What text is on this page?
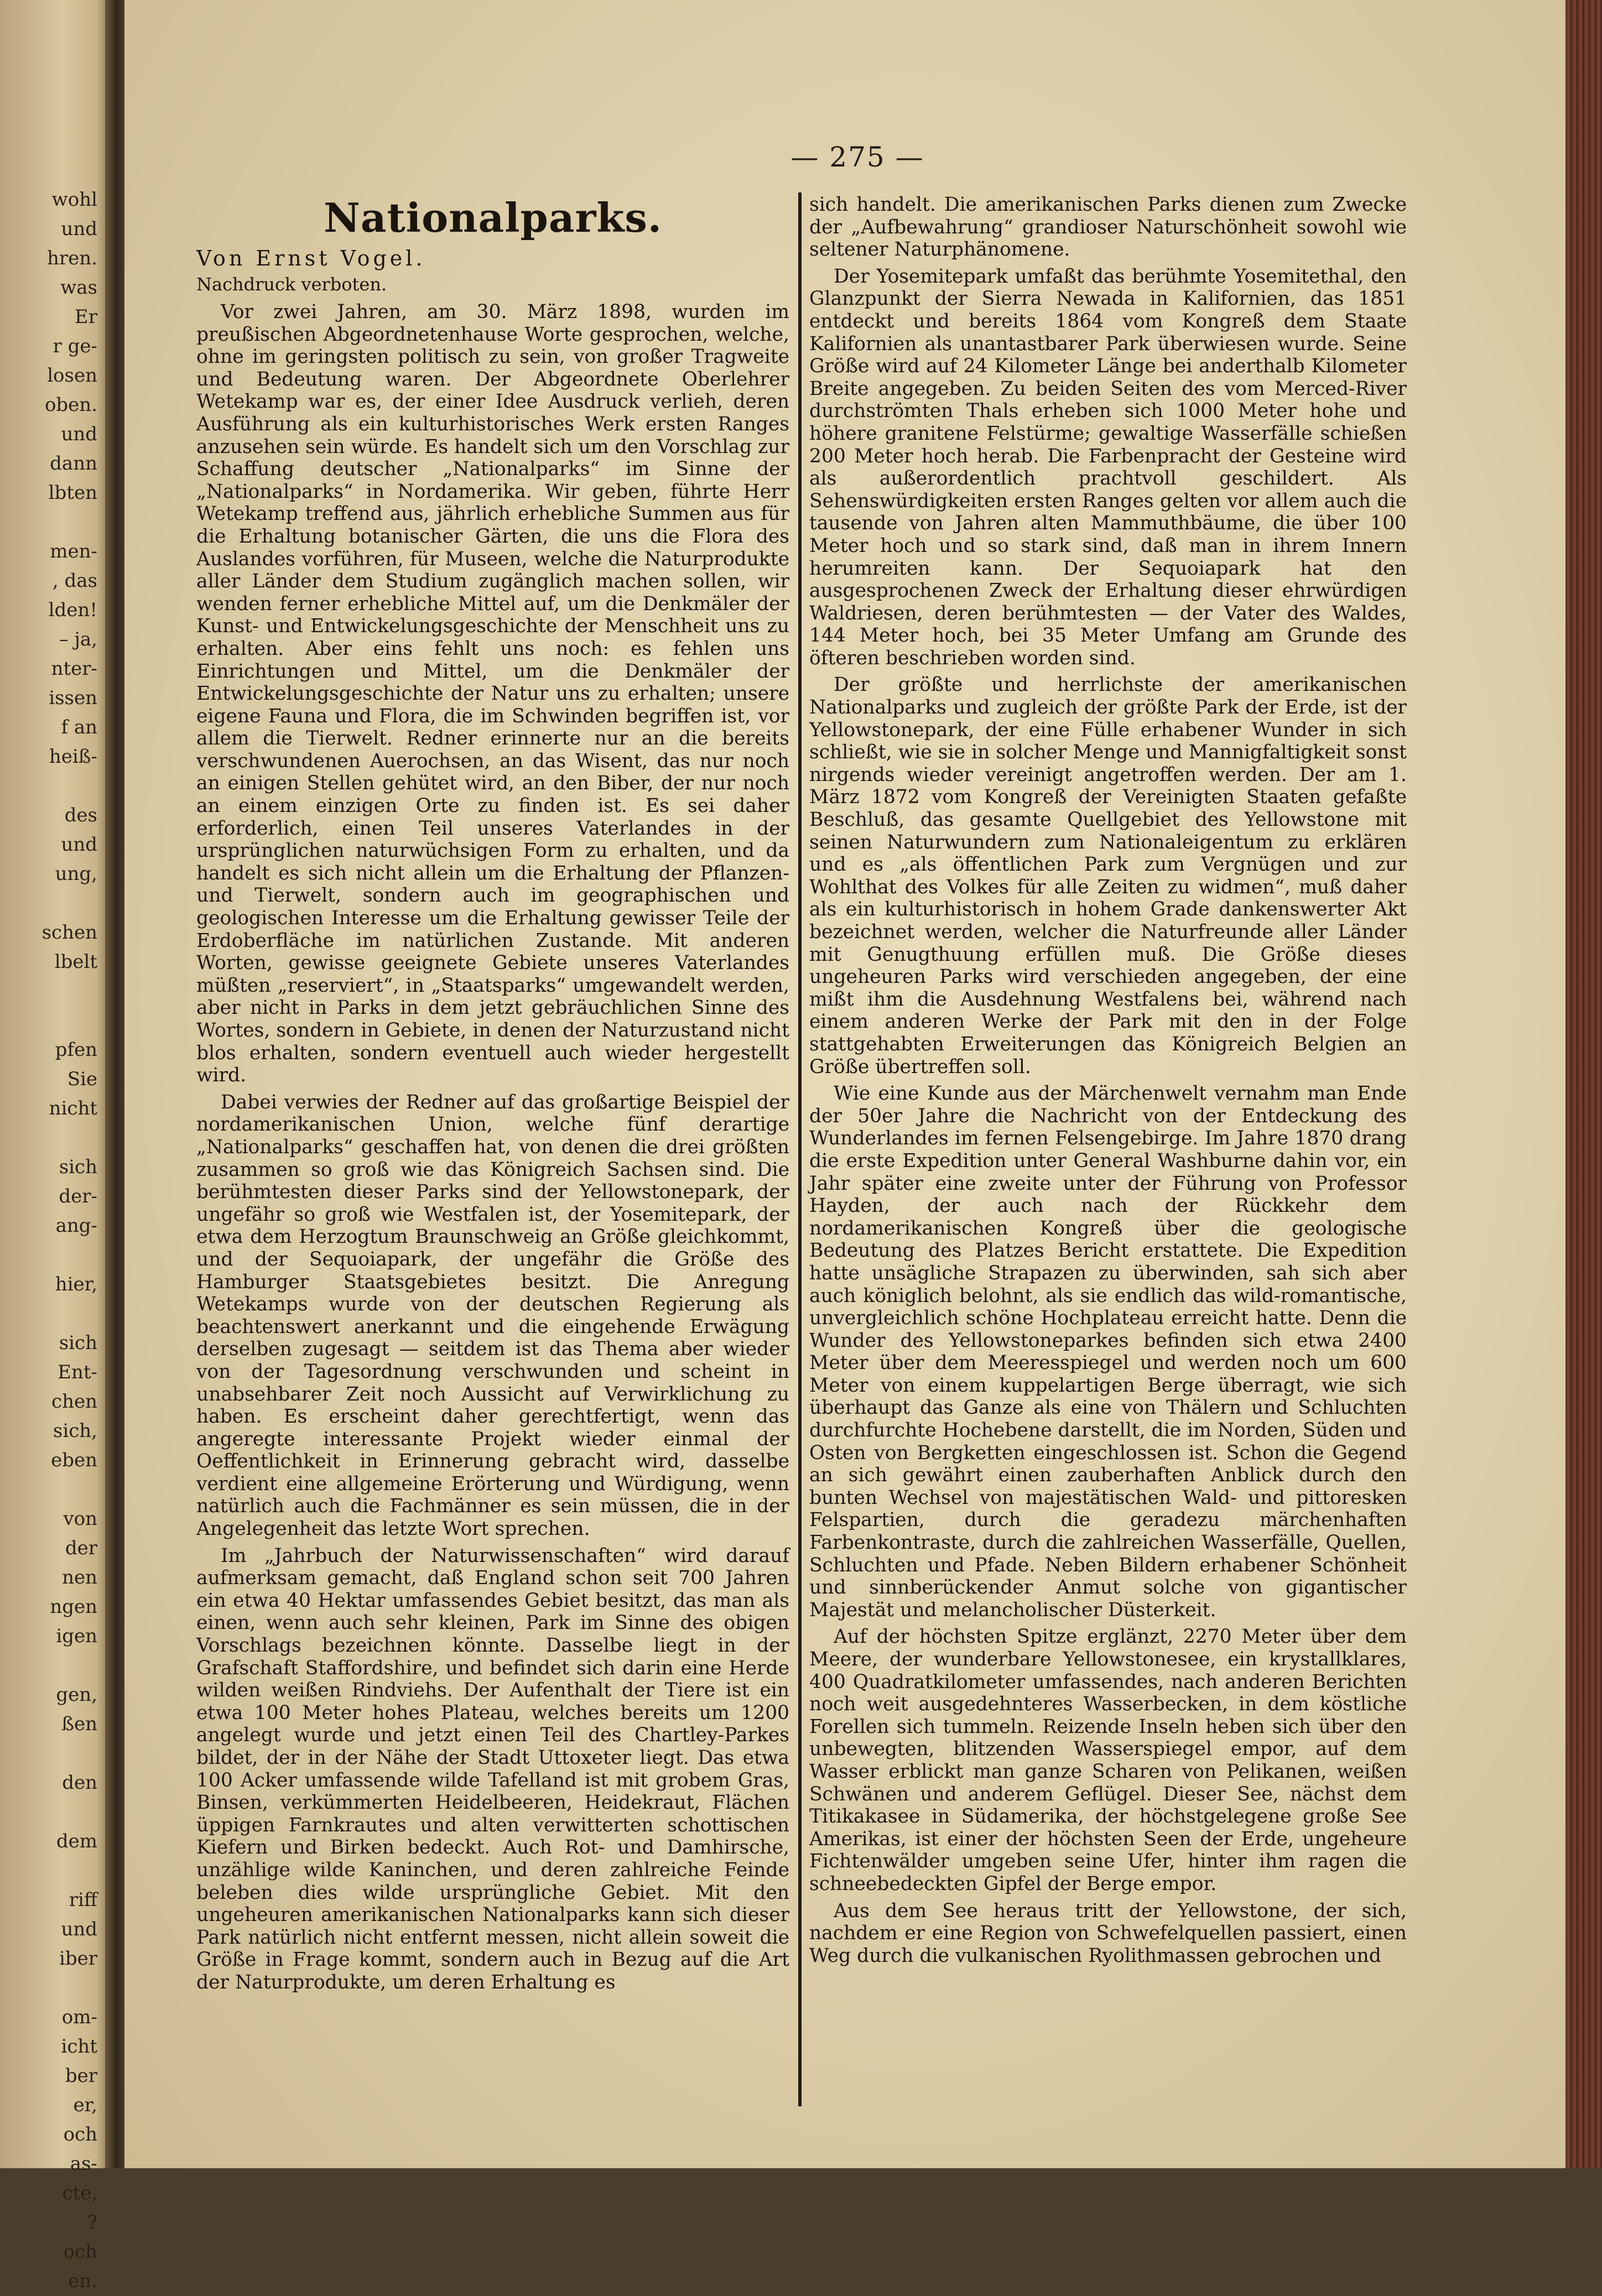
wohl
und
hren.
was
Er
r ge-
losen
oben.
und
dann
lbten
men-
, das
lden!
– ja,
nter-
issen
f an
heiß-
des
und
ung,
schen
lbelt
pfen
Sie
nicht
sich
der-
ang-
hier,
sich
Ent-
chen
sich,
eben
von
der
nen
ngen
igen
gen,
ßen
den
dem
riff
und
iber
om-
icht
ber
er,
och
as-
cte,
?
och
en.
— 275 —
Nationalparks.

Von Ernst Vogel.

Nachdruck verboten.

Vor zwei Jahren, am 30. März 1898, wurden im preußischen Abgeordnetenhause Worte gesprochen, welche, ohne im geringsten politisch zu sein, von großer Tragweite und Bedeutung waren. Der Abgeordnete Oberlehrer Wetekamp war es, der einer Idee Ausdruck verlieh, deren Ausführung als ein kulturhistorisches Werk ersten Ranges anzusehen sein würde. Es handelt sich um den Vorschlag zur Schaffung deutscher „Nationalparks“ im Sinne der „Nationalparks“ in Nordamerika. Wir geben, führte Herr Wetekamp treffend aus, jährlich erhebliche Summen aus für die Erhaltung botanischer Gärten, die uns die Flora des Auslandes vorführen, für Museen, welche die Naturprodukte aller Länder dem Studium zugänglich machen sollen, wir wenden ferner erhebliche Mittel auf, um die Denkmäler der Kunst- und Entwickelungsgeschichte der Menschheit uns zu erhalten. Aber eins fehlt uns noch: es fehlen uns Einrichtungen und Mittel, um die Denkmäler der Entwickelungsgeschichte der Natur uns zu erhalten; unsere eigene Fauna und Flora, die im Schwinden begriffen ist, vor allem die Tierwelt. Redner erinnerte nur an die bereits verschwundenen Auerochsen, an das Wisent, das nur noch an einigen Stellen gehütet wird, an den Biber, der nur noch an einem einzigen Orte zu finden ist. Es sei daher erforderlich, einen Teil unseres Vaterlandes in der ursprünglichen naturwüchsigen Form zu erhalten, und da handelt es sich nicht allein um die Erhaltung der Pflanzen- und Tierwelt, sondern auch im geographischen und geologischen Interesse um die Erhaltung gewisser Teile der Erdoberfläche im natürlichen Zustande. Mit anderen Worten, gewisse geeignete Gebiete unseres Vaterlandes müßten „reserviert“, in „Staatsparks“ umgewandelt werden, aber nicht in Parks in dem jetzt gebräuchlichen Sinne des Wortes, sondern in Gebiete, in denen der Naturzustand nicht blos erhalten, sondern eventuell auch wieder hergestellt wird.

Dabei verwies der Redner auf das großartige Beispiel der nordamerikanischen Union, welche fünf derartige „Nationalparks“ geschaffen hat, von denen die drei größten zusammen so groß wie das Königreich Sachsen sind. Die berühmtesten dieser Parks sind der Yellowstonepark, der ungefähr so groß wie Westfalen ist, der Yosemitepark, der etwa dem Herzogtum Braunschweig an Größe gleichkommt, und der Sequoiapark, der ungefähr die Größe des Hamburger Staatsgebietes besitzt. Die Anregung Wetekamps wurde von der deutschen Regierung als beachtenswert anerkannt und die eingehende Erwägung derselben zugesagt — seitdem ist das Thema aber wieder von der Tagesordnung verschwunden und scheint in unabsehbarer Zeit noch Aussicht auf Verwirklichung zu haben. Es erscheint daher gerechtfertigt, wenn das angeregte interessante Projekt wieder einmal der Oeffentlichkeit in Erinnerung gebracht wird, dasselbe verdient eine allgemeine Erörterung und Würdigung, wenn natürlich auch die Fachmänner es sein müssen, die in der Angelegenheit das letzte Wort sprechen.

Im „Jahrbuch der Naturwissenschaften“ wird darauf aufmerksam gemacht, daß England schon seit 700 Jahren ein etwa 40 Hektar umfassendes Gebiet besitzt, das man als einen, wenn auch sehr kleinen, Park im Sinne des obigen Vorschlags bezeichnen könnte. Dasselbe liegt in der Grafschaft Staffordshire, und befindet sich darin eine Herde wilden weißen Rindviehs. Der Aufenthalt der Tiere ist ein etwa 100 Meter hohes Plateau, welches bereits um 1200 angelegt wurde und jetzt einen Teil des Chartley-Parkes bildet, der in der Nähe der Stadt Uttoxeter liegt. Das etwa 100 Acker umfassende wilde Tafelland ist mit grobem Gras, Binsen, verkümmerten Heidelbeeren, Heidekraut, Flächen üppigen Farnkrautes und alten verwitterten schottischen Kiefern und Birken bedeckt. Auch Rot- und Damhirsche, unzählige wilde Kaninchen, und deren zahlreiche Feinde beleben dies wilde ursprüngliche Gebiet. Mit den ungeheuren amerikanischen Nationalparks kann sich dieser Park natürlich nicht entfernt messen, nicht allein soweit die Größe in Frage kommt, sondern auch in Bezug auf die Art der Naturprodukte, um deren Erhaltung es

sich handelt. Die amerikanischen Parks dienen zum Zwecke der „Aufbewahrung“ grandioser Naturschönheit sowohl wie seltener Naturphänomene.

Der Yosemitepark umfaßt das berühmte Yosemitethal, den Glanzpunkt der Sierra Newada in Kalifornien, das 1851 entdeckt und bereits 1864 vom Kongreß dem Staate Kalifornien als unantastbarer Park überwiesen wurde. Seine Größe wird auf 24 Kilometer Länge bei anderthalb Kilometer Breite angegeben. Zu beiden Seiten des vom Merced-River durchströmten Thals erheben sich 1000 Meter hohe und höhere granitene Felstürme; gewaltige Wasserfälle schießen 200 Meter hoch herab. Die Farbenpracht der Gesteine wird als außerordentlich prachtvoll geschildert. Als Sehenswürdigkeiten ersten Ranges gelten vor allem auch die tausende von Jahren alten Mammuthbäume, die über 100 Meter hoch und so stark sind, daß man in ihrem Innern herumreiten kann. Der Sequoiapark hat den ausgesprochenen Zweck der Erhaltung dieser ehrwürdigen Waldriesen, deren berühmtesten — der Vater des Waldes, 144 Meter hoch, bei 35 Meter Umfang am Grunde des öfteren beschrieben worden sind.

Der größte und herrlichste der amerikanischen Nationalparks und zugleich der größte Park der Erde, ist der Yellowstonepark, der eine Fülle erhabener Wunder in sich schließt, wie sie in solcher Menge und Mannigfaltigkeit sonst nirgends wieder vereinigt angetroffen werden. Der am 1. März 1872 vom Kongreß der Vereinigten Staaten gefaßte Beschluß, das gesamte Quellgebiet des Yellowstone mit seinen Naturwundern zum Nationaleigentum zu erklären und es „als öffentlichen Park zum Vergnügen und zur Wohlthat des Volkes für alle Zeiten zu widmen“, muß daher als ein kulturhistorisch in hohem Grade dankenswerter Akt bezeichnet werden, welcher die Naturfreunde aller Länder mit Genugthuung erfüllen muß. Die Größe dieses ungeheuren Parks wird verschieden angegeben, der eine mißt ihm die Ausdehnung Westfalens bei, während nach einem anderen Werke der Park mit den in der Folge stattgehabten Erweiterungen das Königreich Belgien an Größe übertreffen soll.

Wie eine Kunde aus der Märchenwelt vernahm man Ende der 50er Jahre die Nachricht von der Entdeckung des Wunderlandes im fernen Felsengebirge. Im Jahre 1870 drang die erste Expedition unter General Washburne dahin vor, ein Jahr später eine zweite unter der Führung von Professor Hayden, der auch nach der Rückkehr dem nordamerikanischen Kongreß über die geologische Bedeutung des Platzes Bericht erstattete. Die Expedition hatte unsägliche Strapazen zu überwinden, sah sich aber auch königlich belohnt, als sie endlich das wild-romantische, unvergleichlich schöne Hochplateau erreicht hatte. Denn die Wunder des Yellowstoneparkes befinden sich etwa 2400 Meter über dem Meeresspiegel und werden noch um 600 Meter von einem kuppelartigen Berge überragt, wie sich überhaupt das Ganze als eine von Thälern und Schluchten durchfurchte Hochebene darstellt, die im Norden, Süden und Osten von Bergketten eingeschlossen ist. Schon die Gegend an sich gewährt einen zauberhaften Anblick durch den bunten Wechsel von majestätischen Wald- und pittoresken Felspartien, durch die geradezu märchenhaften Farbenkontraste, durch die zahlreichen Wasserfälle, Quellen, Schluchten und Pfade. Neben Bildern erhabener Schönheit und sinnberückender Anmut solche von gigantischer Majestät und melancholischer Düsterkeit.

Auf der höchsten Spitze erglänzt, 2270 Meter über dem Meere, der wunderbare Yellowstonesee, ein krystallklares, 400 Quadratkilometer umfassendes, nach anderen Berichten noch weit ausgedehnteres Wasserbecken, in dem köstliche Forellen sich tummeln. Reizende Inseln heben sich über den unbewegten, blitzenden Wasserspiegel empor, auf dem Wasser erblickt man ganze Scharen von Pelikanen, weißen Schwänen und anderem Geflügel. Dieser See, nächst dem Titikakasee in Südamerika, der höchstgelegene große See Amerikas, ist einer der höchsten Seen der Erde, ungeheure Fichtenwälder umgeben seine Ufer, hinter ihm ragen die schneebedeckten Gipfel der Berge empor.

Aus dem See heraus tritt der Yellowstone, der sich, nachdem er eine Region von Schwefelquellen passiert, einen Weg durch die vulkanischen Ryolithmassen gebrochen und
